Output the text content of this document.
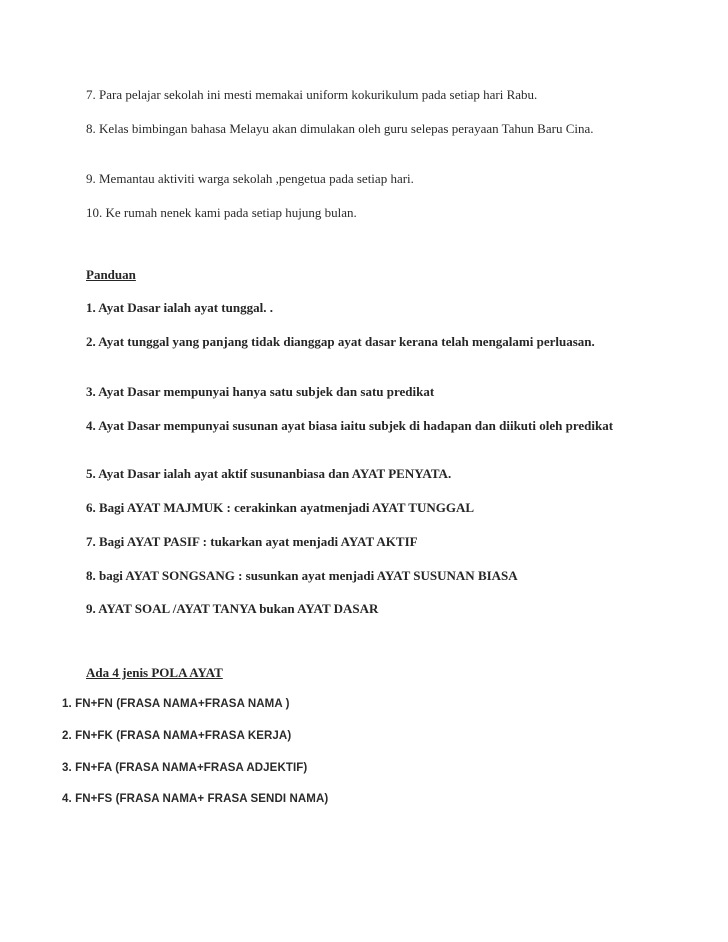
7. Para pelajar sekolah ini mesti memakai uniform kokurikulum pada setiap hari Rabu.

8. Kelas bimbingan bahasa Melayu akan dimulakan oleh guru selepas perayaan Tahun Baru Cina.

9. Memantau aktiviti warga sekolah ,pengetua pada setiap hari.

10. Ke rumah nenek kami pada setiap hujung bulan.

Panduan

1. Ayat Dasar ialah ayat tunggal. .

2. Ayat tunggal yang panjang tidak dianggap ayat dasar kerana telah mengalami perluasan.

3. Ayat Dasar mempunyai hanya satu subjek dan satu predikat

4. Ayat Dasar mempunyai susunan ayat biasa iaitu subjek di hadapan dan diikuti oleh predikat

5. Ayat Dasar ialah ayat aktif susunanbiasa dan AYAT PENYATA.

6. Bagi AYAT MAJMUK : cerakinkan ayatmenjadi AYAT TUNGGAL

7. Bagi AYAT PASIF : tukarkan ayat menjadi AYAT AKTIF

8. bagi AYAT SONGSANG : susunkan ayat menjadi AYAT SUSUNAN BIASA

9. AYAT SOAL /AYAT TANYA bukan AYAT DASAR

Ada 4 jenis POLA AYAT

1. FN+FN (FRASA NAMA+FRASA NAMA )

2. FN+FK (FRASA NAMA+FRASA KERJA)

3. FN+FA (FRASA NAMA+FRASA ADJEKTIF)

4. FN+FS (FRASA NAMA+ FRASA SENDI NAMA)
